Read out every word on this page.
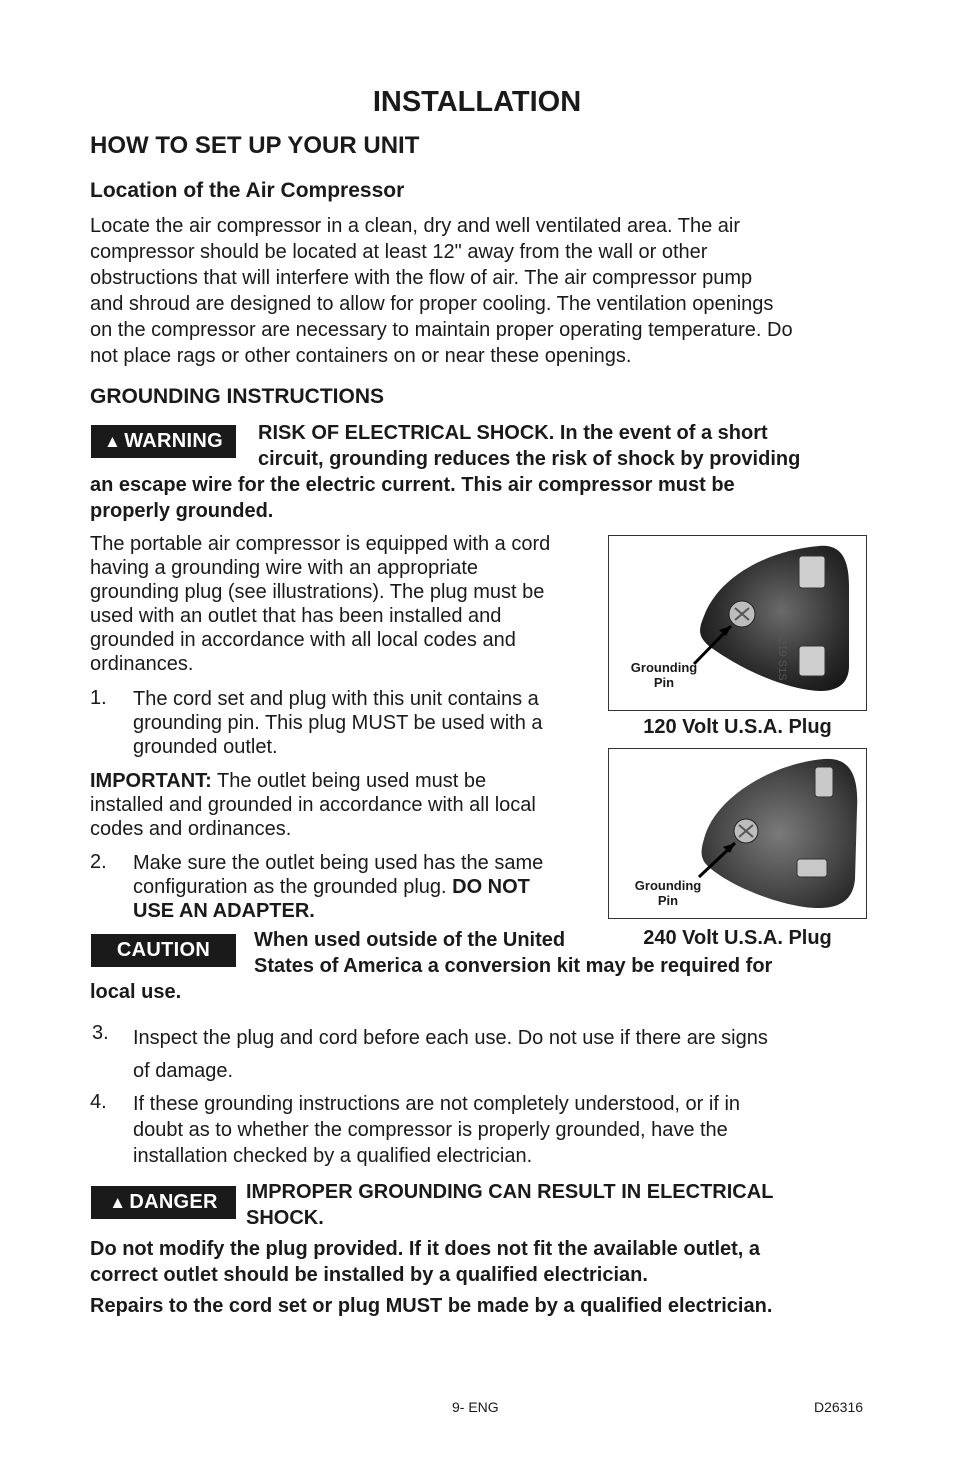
INSTALLATION
HOW TO SET UP YOUR UNIT
Location of the Air Compressor
Locate the air compressor in a clean, dry and well ventilated area. The air
compressor should be located at least 12" away from the wall or other
obstructions that will interfere with the flow of air. The air compressor pump
and shroud are designed to allow for proper cooling. The ventilation openings
on the compressor are necessary to maintain proper operating temperature. Do
not place rags or other containers on or near these openings.
GROUNDING INSTRUCTIONS
▲ WARNING RISK OF ELECTRICAL SHOCK. In the event of a short
circuit, grounding reduces the risk of shock by providing
an escape wire for the electric current. This air compressor must be
properly grounded.
The portable air compressor is equipped with a cord
having a grounding wire with an appropriate
grounding plug (see illustrations). The plug must be
used with an outlet that has been installed and
grounded in accordance with all local codes and
ordinances.
1. The cord set and plug with this unit contains a
grounding pin. This plug MUST be used with a
grounded outlet.
IMPORTANT: The outlet being used must be
installed and grounded in accordance with all local
codes and ordinances.
2. Make sure the outlet being used has the same
configuration as the grounded plug. DO NOT
USE AN ADAPTER.
E219 S1S
Grounding
Pin
120 Volt U.S.A. Plug
Grounding
Pin
240 Volt U.S.A. Plug
CAUTION	When used outside of the United
States of America a conversion kit may be required for
local use.
3. Inspect the plug and cord before each use. Do not use if there are signs
of damage.
4. If these grounding instructions are not completely understood, or if in
doubt as to whether the compressor is properly grounded, have the
installation checked by a qualified electrician.
▲ DANGER IMPROPER GROUNDING CAN RESULT IN ELECTRICAL
SHOCK.
Do not modify the plug provided. If it does not fit the available outlet, a
correct outlet should be installed by a qualified electrician.
Repairs to the cord set or plug MUST be made by a qualified electrician.
9- ENG	D26316
